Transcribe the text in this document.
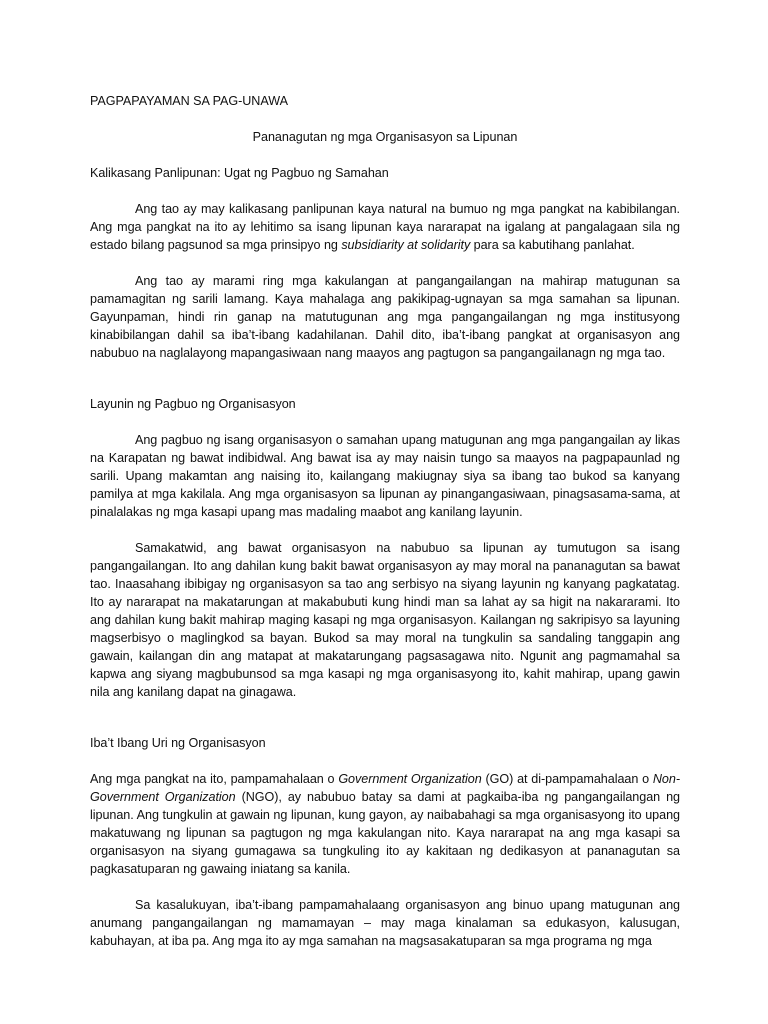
PAGPAPAYAMAN SA PAG-UNAWA

Pananagutan ng mga Organisasyon sa Lipunan

Kalikasang Panlipunan: Ugat ng Pagbuo ng Samahan

Ang tao ay may kalikasang panlipunan kaya natural na bumuo ng mga pangkat na kabibilangan. Ang mga pangkat na ito ay lehitimo sa isang lipunan kaya nararapat na igalang at pangalagaan sila ng estado bilang pagsunod sa mga prinsipyo ng subsidiarity at solidarity para sa kabutihang panlahat.

Ang tao ay marami ring mga kakulangan at pangangailangan na mahirap matugunan sa pamamagitan ng sarili lamang. Kaya mahalaga ang pakikipag-ugnayan sa mga samahan sa lipunan. Gayunpaman, hindi rin ganap na matutugunan ang mga pangangailangan ng mga institusyong kinabibilangan dahil sa iba’t-ibang kadahilanan. Dahil dito, iba’t-ibang pangkat at organisasyon ang nabubuo na naglalayong mapangasiwaan nang maayos ang pagtugon sa pangangailanagn ng mga tao.

Layunin ng Pagbuo ng Organisasyon

Ang pagbuo ng isang organisasyon o samahan upang matugunan ang mga pangangailan ay likas na Karapatan ng bawat indibidwal. Ang bawat isa ay may naisin tungo sa maayos na pagpapaunlad ng sarili. Upang makamtan ang naising ito, kailangang makiugnay siya sa ibang tao bukod sa kanyang pamilya at mga kakilala. Ang mga organisasyon sa lipunan ay pinangangasiwaan, pinagsasama-sama, at pinalalakas ng mga kasapi upang mas madaling maabot ang kanilang layunin.

Samakatwid, ang bawat organisasyon na nabubuo sa lipunan ay tumutugon sa isang pangangailangan. Ito ang dahilan kung bakit bawat organisasyon ay may moral na pananagutan sa bawat tao. Inaasahang ibibigay ng organisasyon sa tao ang serbisyo na siyang layunin ng kanyang pagkatatag. Ito ay nararapat na makatarungan at makabubuti kung hindi man sa lahat ay sa higit na nakararami. Ito ang dahilan kung bakit mahirap maging kasapi ng mga organisasyon. Kailangan ng sakripisyo sa layuning magserbisyo o maglingkod sa bayan. Bukod sa may moral na tungkulin sa sandaling tanggapin ang gawain, kailangan din ang matapat at makatarungang pagsasagawa nito. Ngunit ang pagmamahal sa kapwa ang siyang magbubunsod sa mga kasapi ng mga organisasyong ito, kahit mahirap, upang gawin nila ang kanilang dapat na ginagawa.

Iba’t Ibang Uri ng Organisasyon

Ang mga pangkat na ito, pampamahalaan o Government Organization (GO) at di-pampamahalaan o Non-Government Organization (NGO), ay nabubuo batay sa dami at pagkaiba-iba ng pangangailangan ng lipunan. Ang tungkulin at gawain ng lipunan, kung gayon, ay naibabahagi sa mga organisasyong ito upang makatuwang ng lipunan sa pagtugon ng mga kakulangan nito. Kaya nararapat na ang mga kasapi sa organisasyon na siyang gumagawa sa tungkuling ito ay kakitaan ng dedikasyon at pananagutan sa pagkasatuparan ng gawaing iniatang sa kanila.

Sa kasalukuyan, iba’t-ibang pampamahalaang organisasyon ang binuo upang matugunan ang anumang pangangailangan ng mamamayan – may maga kinalaman sa edukasyon, kalusugan, kabuhayan, at iba pa. Ang mga ito ay mga samahan na magsasakatuparan sa mga programa ng mga
